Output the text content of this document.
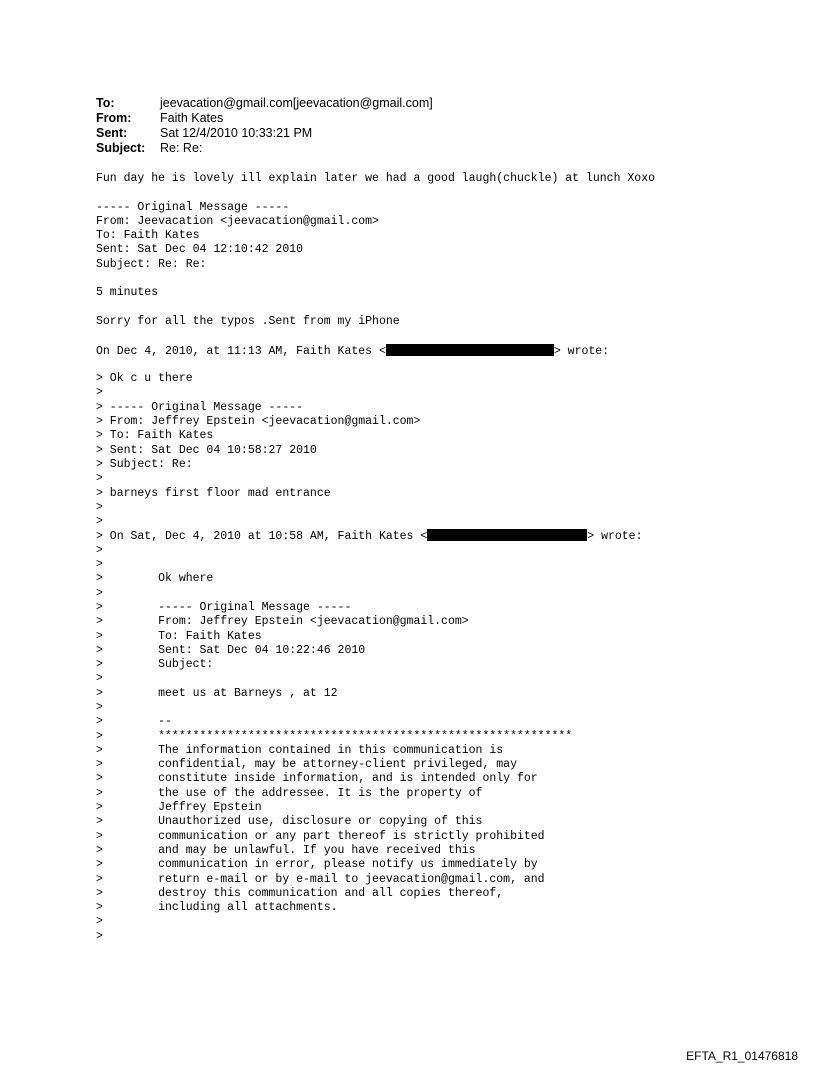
To:	jeevacation@gmail.com[jeevacation@gmail.com]
From:	Faith Kates
Sent:	Sat 12/4/2010 10:33:21 PM
Subject:	Re: Re:
Fun day he is lovely ill explain later we had a good laugh(chuckle) at lunch Xoxo
----- Original Message -----
From: Jeevacation <jeevacation@gmail.com>
To: Faith Kates
Sent: Sat Dec 04 12:10:42 2010
Subject: Re: Re:
5 minutes
Sorry for all the typos .Sent from my iPhone
On Dec 4, 2010, at 11:13 AM, Faith Kates <	> wrote:
> Ok c u there
>
> ----- Original Message -----
> From: Jeffrey Epstein <jeevacation@gmail.com>
> To: Faith Kates
> Sent: Sat Dec 04 10:58:27 2010
> Subject: Re:
>
> barneys first floor mad entrance
>
>
> On Sat, Dec 4, 2010 at 10:58 AM, Faith Kates <	> wrote:
>
>
>        Ok where
>
>        ----- Original Message -----
>        From: Jeffrey Epstein <jeevacation@gmail.com>
>        To: Faith Kates
>        Sent: Sat Dec 04 10:22:46 2010
>        Subject:
>
>        meet us at Barneys , at 12
>
>        --
>        ************************************************************
>        The information contained in this communication is
>        confidential, may be attorney-client privileged, may
>        constitute inside information, and is intended only for
>        the use of the addressee. It is the property of
>        Jeffrey Epstein
>        Unauthorized use, disclosure or copying of this
>        communication or any part thereof is strictly prohibited
>        and may be unlawful. If you have received this
>        communication in error, please notify us immediately by
>        return e-mail or by e-mail to jeevacation@gmail.com, and
>        destroy this communication and all copies thereof,
>        including all attachments.
>
>
EFTA_R1_01476818
